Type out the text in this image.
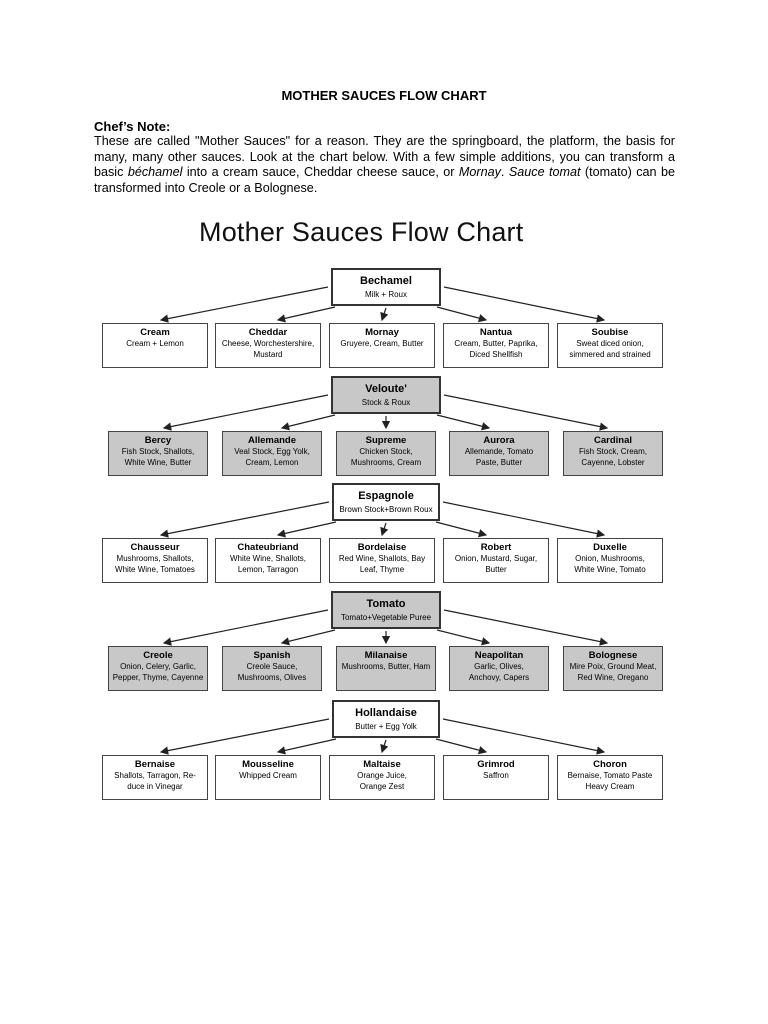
MOTHER SAUCES FLOW CHART
Chef’s Note:
These are called "Mother Sauces" for a reason. They are the springboard, the platform, the basis for many, many other sauces. Look at the chart below. With a few simple additions, you can transform a basic béchamel into a cream sauce, Cheddar cheese sauce, or Mornay. Sauce tomat (tomato) can be transformed into Creole or a Bolognese.
Mother Sauces Flow Chart
Bechamel
Milk + Roux
Cream
Cream + Lemon
Cheddar
Cheese, Worchestershire,
Mustard
Mornay
Gruyere, Cream, Butter
Nantua
Cream, Butter, Paprika,
Diced Shellfish
Soubise
Sweat diced onion,
simmered and strained
Veloute'
Stock & Roux
Bercy
Fish Stock, Shallots,
White Wine, Butter
Allemande
Veal Stock, Egg Yolk,
Cream, Lemon
Supreme
Chicken Stock,
Mushrooms, Cream
Aurora
Allemande, Tomato
Paste, Butter
Cardinal
Fish Stock, Cream,
Cayenne, Lobster
Espagnole
Brown Stock+Brown Roux
Chausseur
Mushrooms, Shallots,
White Wine, Tomatoes
Chateubriand
White Wine, Shallots,
Lemon, Tarragon
Bordelaise
Red Wine, Shallots, Bay
Leaf, Thyme
Robert
Onion, Mustard, Sugar,
Butter
Duxelle
Onion, Mushrooms,
White Wine, Tomato
Tomato
Tomato+Vegetable Puree
Creole
Onion, Celery, Garlic,
Pepper, Thyme, Cayenne
Spanish
Creole Sauce,
Mushrooms, Olives
Milanaise
Mushrooms, Butter, Ham
Neapolitan
Garlic, Olives,
Anchovy, Capers
Bolognese
Mire Poix, Ground Meat,
Red Wine, Oregano
Hollandaise
Butter + Egg Yolk
Bernaise
Shallots, Tarragon, Re-
duce in Vinegar
Mousseline
Whipped Cream
Maltaise
Orange Juice,
Orange Zest
Grimrod
Saffron
Choron
Bernaise, Tomato Paste
Heavy Cream
